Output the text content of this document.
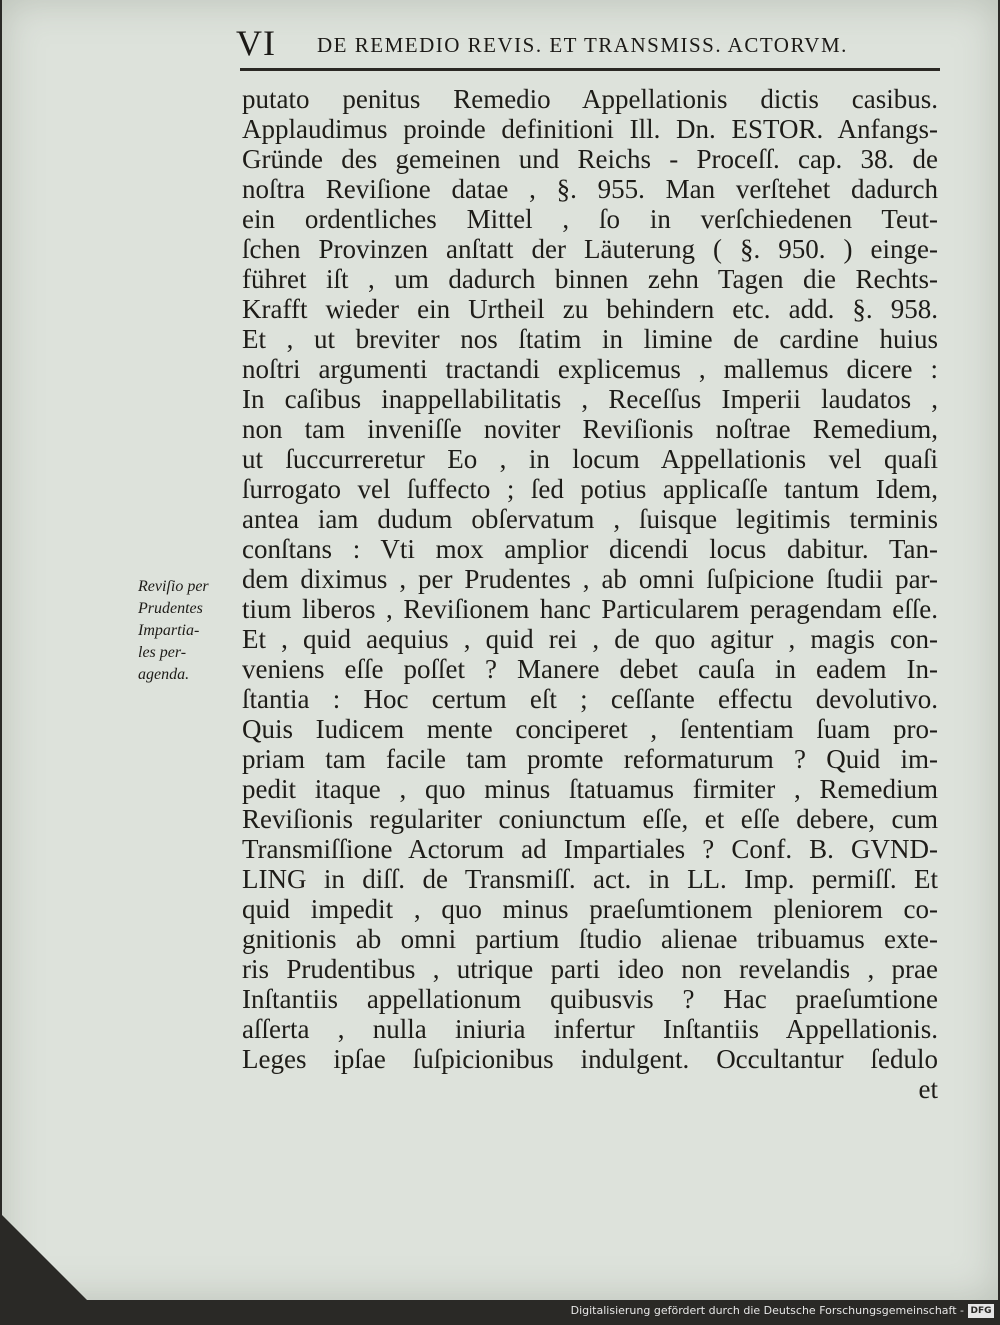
VI DE REMEDIO REVIS. ET TRANSMISS. ACTORVM.
putato penitus Remedio Appellationis dictis casibus.
Applaudimus proinde definitioni Ill. Dn. ESTOR. Anfangs-
Gründe des gemeinen und Reichs - Proceſſ. cap. 38. de
noſtra Reviſione datae , §. 955. Man verſtehet dadurch
ein ordentliches Mittel , ſo in verſchiedenen Teut-
ſchen Provinzen anſtatt der Läuterung ( §. 950. ) einge-
führet iſt , um dadurch binnen zehn Tagen die Rechts-
Krafft wieder ein Urtheil zu behindern etc. add. §. 958.
Et , ut breviter nos ſtatim in limine de cardine huius
noſtri argumenti tractandi explicemus , mallemus dicere :
In caſibus inappellabilitatis , Receſſus Imperii laudatos ,
non tam inveniſſe noviter Reviſionis noſtrae Remedium,
ut ſuccurreretur Eo , in locum Appellationis vel quaſi
ſurrogato vel ſuffecto ; ſed potius applicaſſe tantum Idem,
antea iam dudum obſervatum , ſuisque legitimis terminis
conſtans : Vti mox amplior dicendi locus dabitur. Tan-
dem diximus , per Prudentes , ab omni ſuſpicione ſtudii par-
tium liberos , Reviſionem hanc Particularem peragendam eſſe.
Et , quid aequius , quid rei , de quo agitur , magis con-
veniens eſſe poſſet ? Manere debet cauſa in eadem In-
ſtantia : Hoc certum eſt ; ceſſante effectu devolutivo.
Quis Iudicem mente conciperet , ſententiam ſuam pro-
priam tam facile tam promte reformaturum ? Quid im-
pedit itaque , quo minus ſtatuamus firmiter , Remedium
Reviſionis regulariter coniunctum eſſe, et eſſe debere, cum
Transmiſſione Actorum ad Impartiales ? Conf. B. GVND-
LING in diſſ. de Transmiſſ. act. in LL. Imp. permiſſ. Et
quid impedit , quo minus praeſumtionem pleniorem co-
gnitionis ab omni partium ſtudio alienae tribuamus exte-
ris Prudentibus , utrique parti ideo non revelandis , prae
Inſtantiis appellationum quibusvis ? Hac praeſumtione
aſſerta , nulla iniuria infertur Inſtantiis Appellationis.
Leges ipſae ſuſpicionibus indulgent. Occultantur ſedulo
et
Reviſio per
Prudentes
Impartia-
les per-
agenda.
Digitalisierung gefördert durch die Deutsche Forschungsgemeinschaft - DFG
